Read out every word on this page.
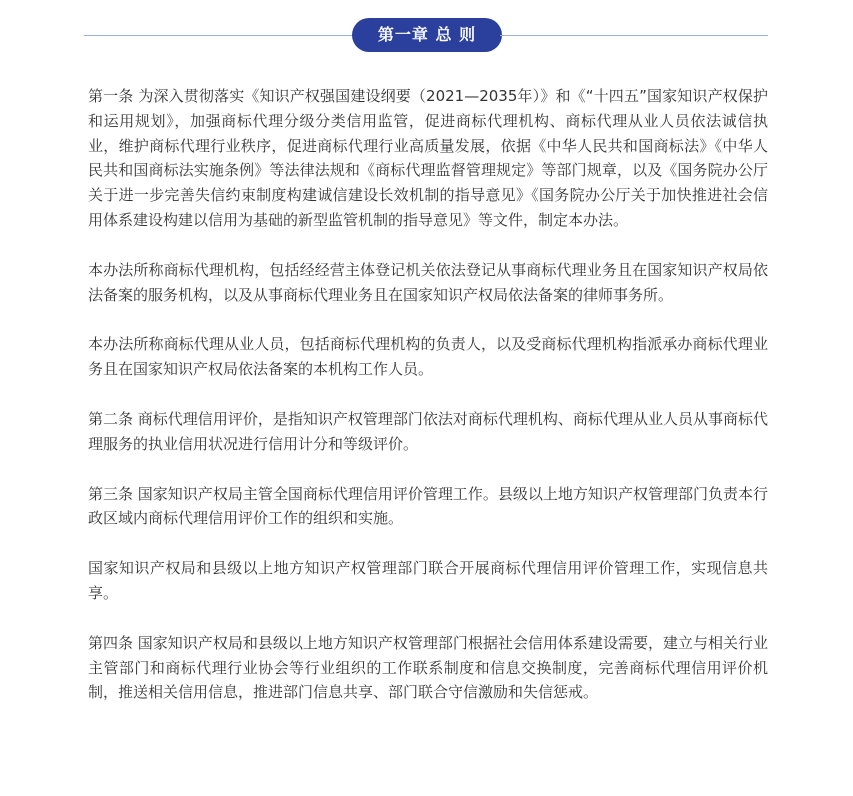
第一章 总 则

第一条 为深入贯彻落实《知识产权强国建设纲要（2021—2035年）》和《“十四五”国家知识产权保护和运用规划》，加强商标代理分级分类信用监管，促进商标代理机构、商标代理从业人员依法诚信执业，维护商标代理行业秩序，促进商标代理行业高质量发展，依据《中华人民共和国商标法》《中华人民共和国商标法实施条例》等法律法规和《商标代理监督管理规定》等部门规章，以及《国务院办公厅关于进一步完善失信约束制度构建诚信建设长效机制的指导意见》《国务院办公厅关于加快推进社会信用体系建设构建以信用为基础的新型监管机制的指导意见》等文件，制定本办法。

本办法所称商标代理机构，包括经经营主体登记机关依法登记从事商标代理业务且在国家知识产权局依法备案的服务机构，以及从事商标代理业务且在国家知识产权局依法备案的律师事务所。

本办法所称商标代理从业人员，包括商标代理机构的负责人，以及受商标代理机构指派承办商标代理业务且在国家知识产权局依法备案的本机构工作人员。

第二条 商标代理信用评价，是指知识产权管理部门依法对商标代理机构、商标代理从业人员从事商标代理服务的执业信用状况进行信用计分和等级评价。

第三条 国家知识产权局主管全国商标代理信用评价管理工作。县级以上地方知识产权管理部门负责本行政区域内商标代理信用评价工作的组织和实施。

国家知识产权局和县级以上地方知识产权管理部门联合开展商标代理信用评价管理工作，实现信息共享。

第四条 国家知识产权局和县级以上地方知识产权管理部门根据社会信用体系建设需要，建立与相关行业主管部门和商标代理行业协会等行业组织的工作联系制度和信息交换制度，完善商标代理信用评价机制，推送相关信用信息，推进部门信息共享、部门联合守信激励和失信惩戒。
